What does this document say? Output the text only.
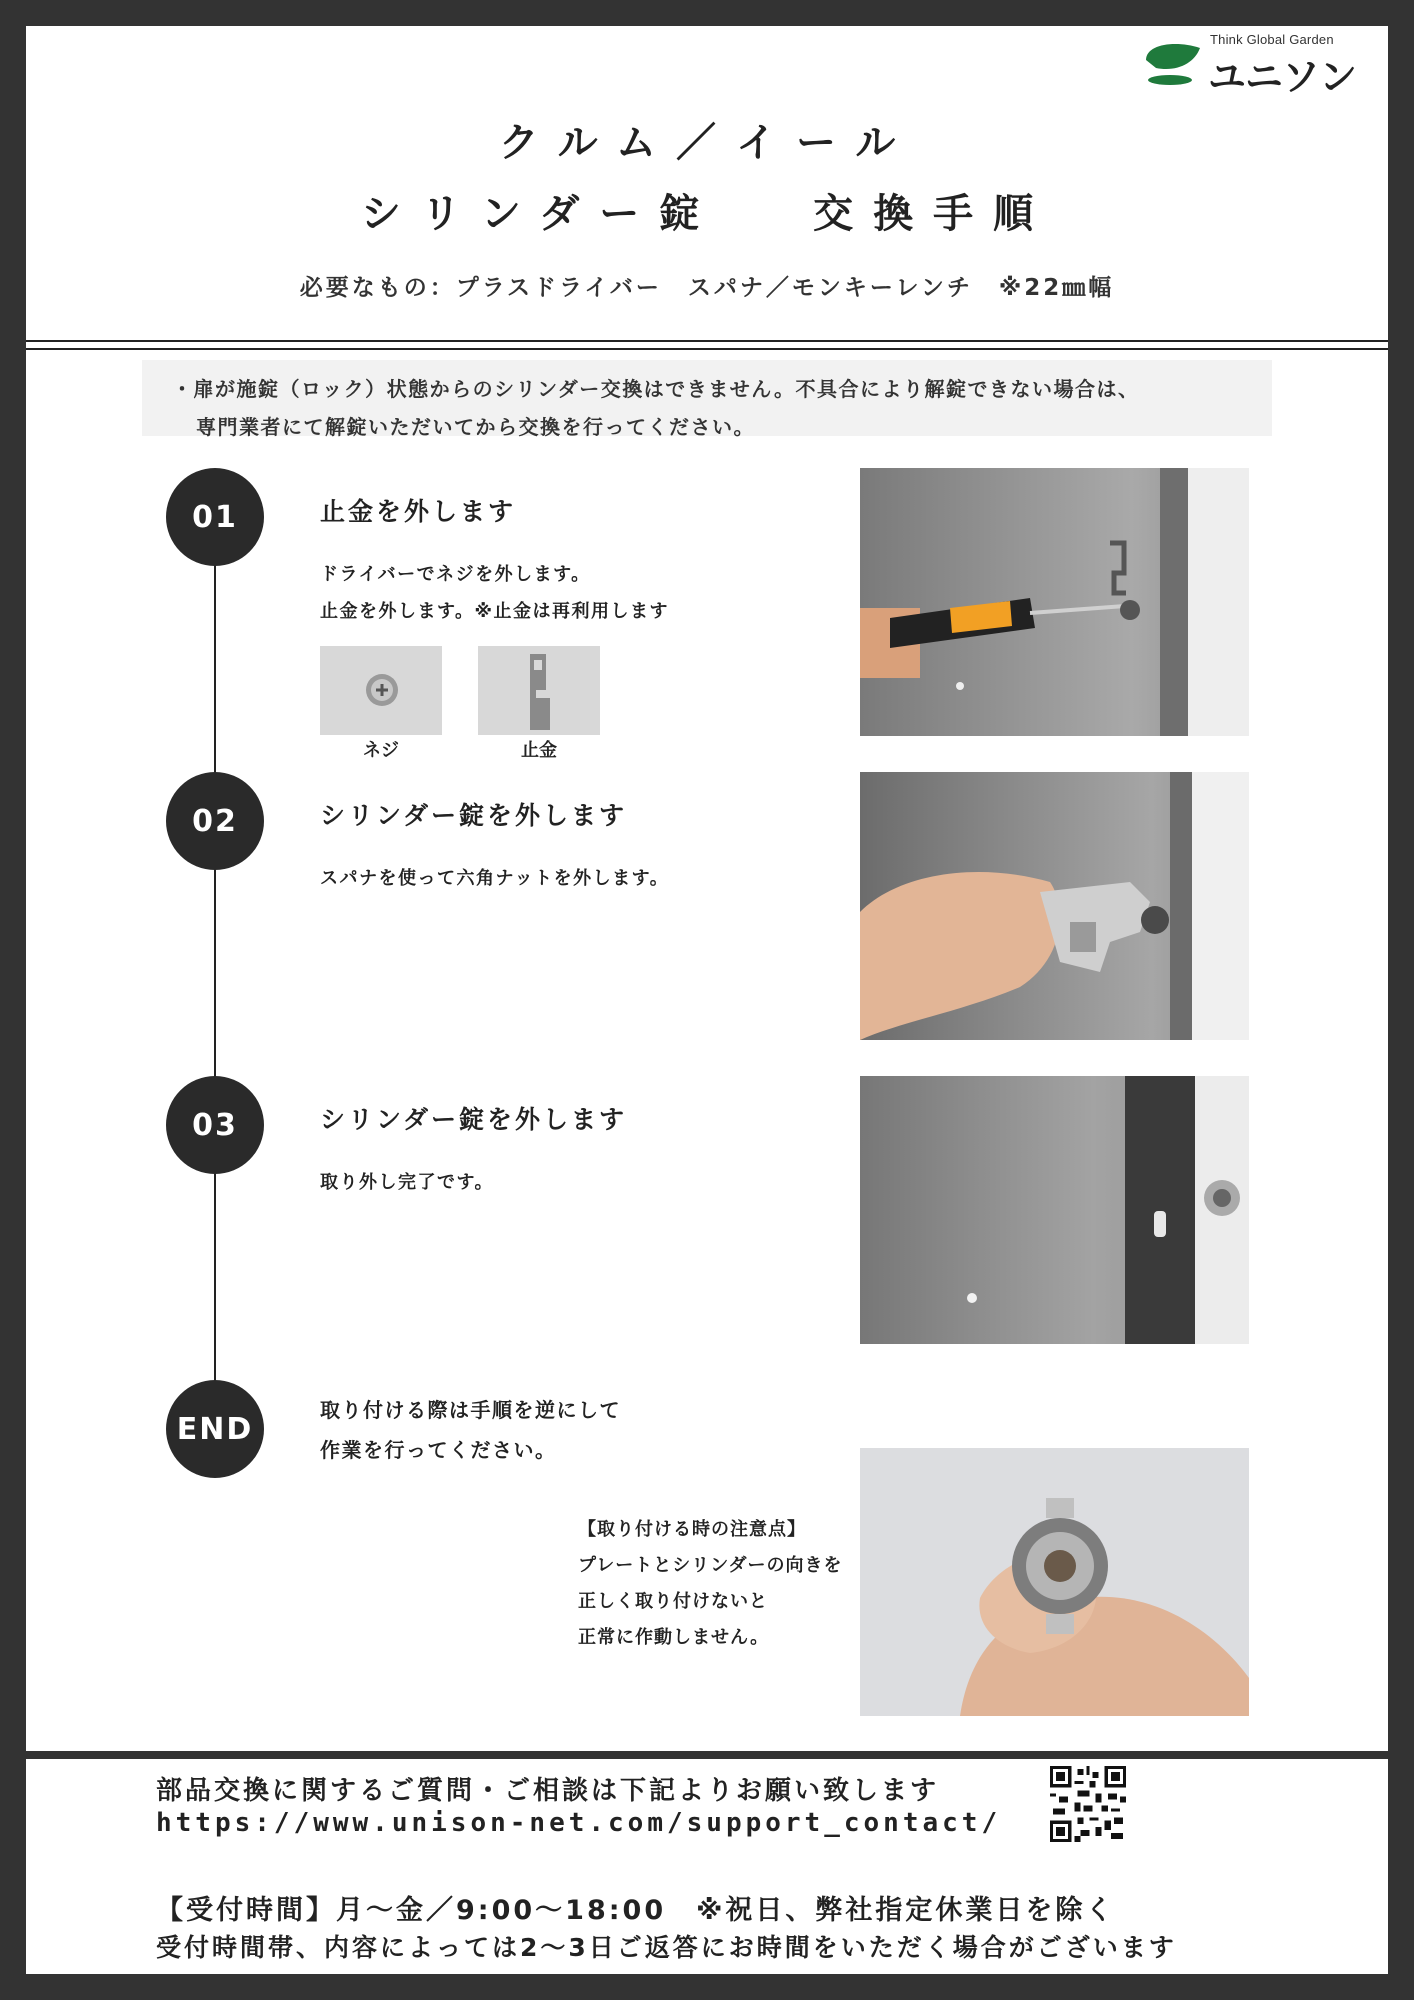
Think Global Garden
ユニソン
クルム／イール
シリンダー錠　 交換手順
必要なもの：プラスドライバー　スパナ／モンキーレンチ　※22㎜幅
・扉が施錠（ロック）状態からのシリンダー交換はできません。不具合により解錠できない場合は、
専門業者にて解錠いただいてから交換を行ってください。
01	止金を外します
ドライバーでネジを外します。
止金を外します。※止金は再利用します
ネジ	止金
02	シリンダー錠を外します
スパナを使って六角ナットを外します。
03	シリンダー錠を外します
取り外し完了です。
END
取り付ける際は手順を逆にして
作業を行ってください。
【取り付ける時の注意点】
プレートとシリンダーの向きを
正しく取り付けないと
正常に作動しません。
部品交換に関するご質問・ご相談は下記よりお願い致します
https://www.unison-net.com/support_contact/
【受付時間】月～金／9:00～18:00　※祝日、弊社指定休業日を除く
受付時間帯、内容によっては2～3日ご返答にお時間をいただく場合がございます
